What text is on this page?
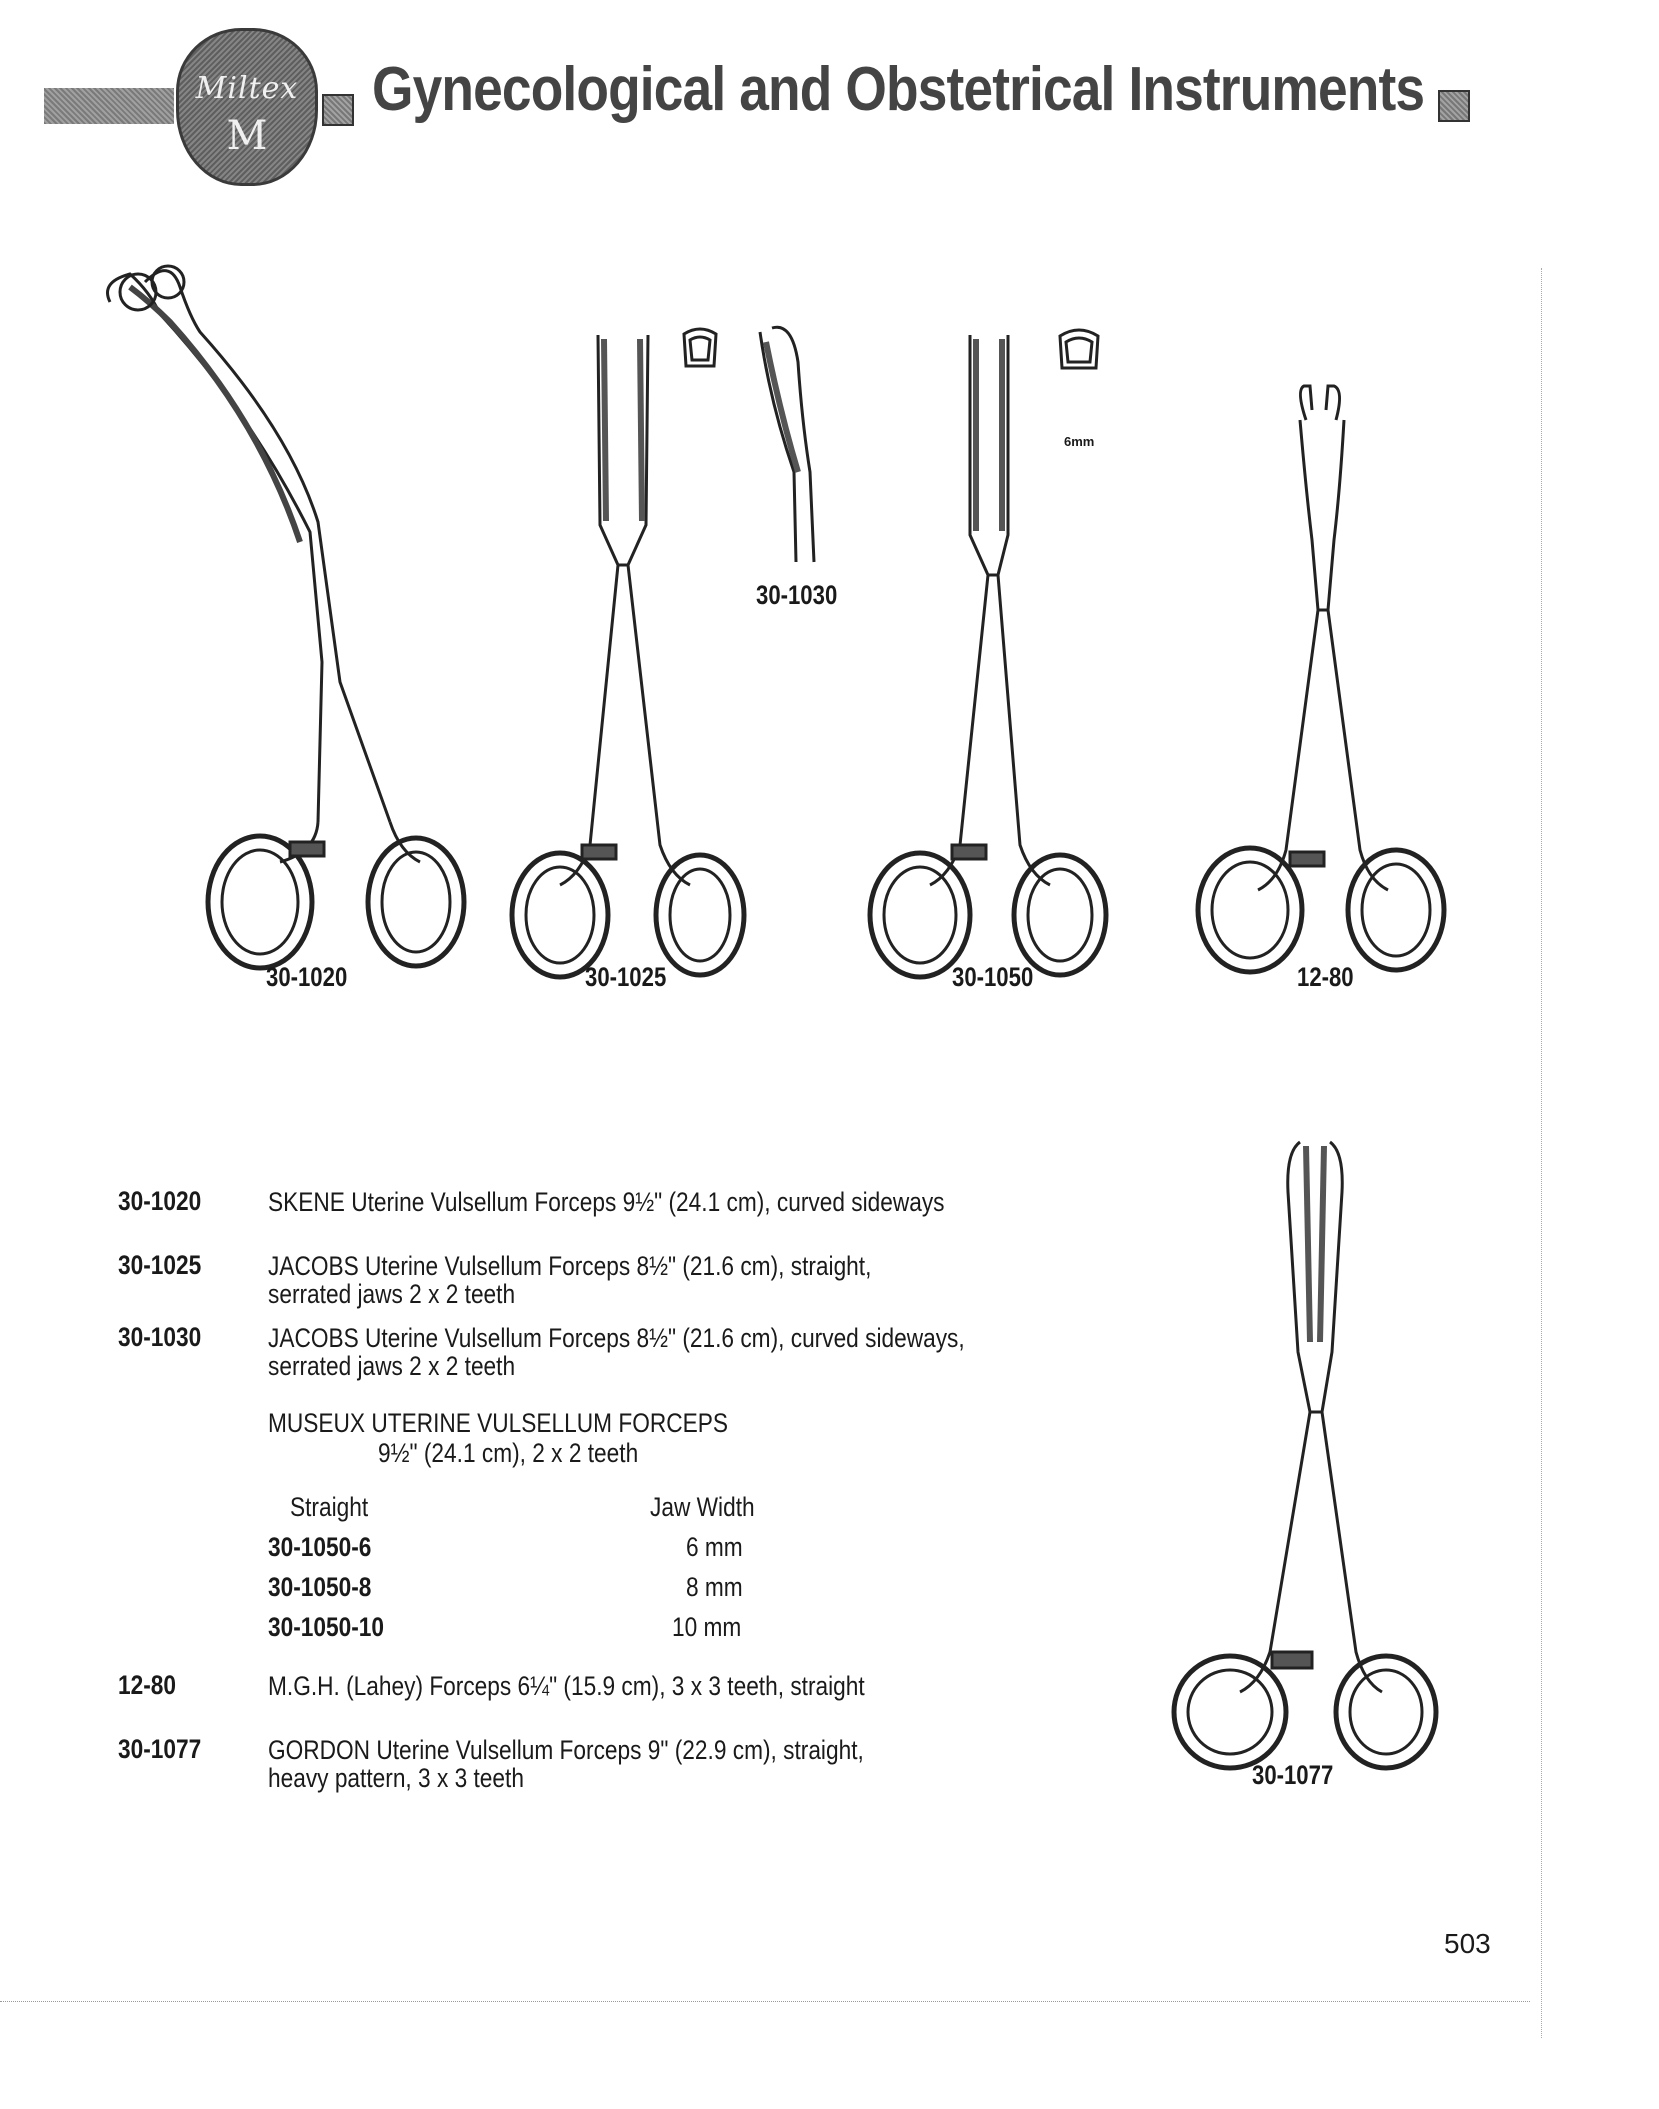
Miltex
M
Gynecological and Obstetrical Instruments
30-1020	30-1025
30-1030
6mm
30-1050	12-80
30-1077
30-1020 SKENE Uterine Vulsellum Forceps 9½" (24.1 cm), curved sideways
30-1025 JACOBS Uterine Vulsellum Forceps 8½" (21.6 cm), straight,
serrated jaws 2 x 2 teeth
30-1030 JACOBS Uterine Vulsellum Forceps 8½" (21.6 cm), curved sideways,
serrated jaws 2 x 2 teeth
MUSEUX UTERINE VULSELLUM FORCEPS
9½" (24.1 cm), 2 x 2 teeth
Straight	Jaw Width
30-1050-6	6 mm
30-1050-8	8 mm
30-1050-10	10 mm
12-80	M.G.H. (Lahey) Forceps 6¼" (15.9 cm), 3 x 3 teeth, straight
30-1077 GORDON Uterine Vulsellum Forceps 9" (22.9 cm), straight,
heavy pattern, 3 x 3 teeth
503
